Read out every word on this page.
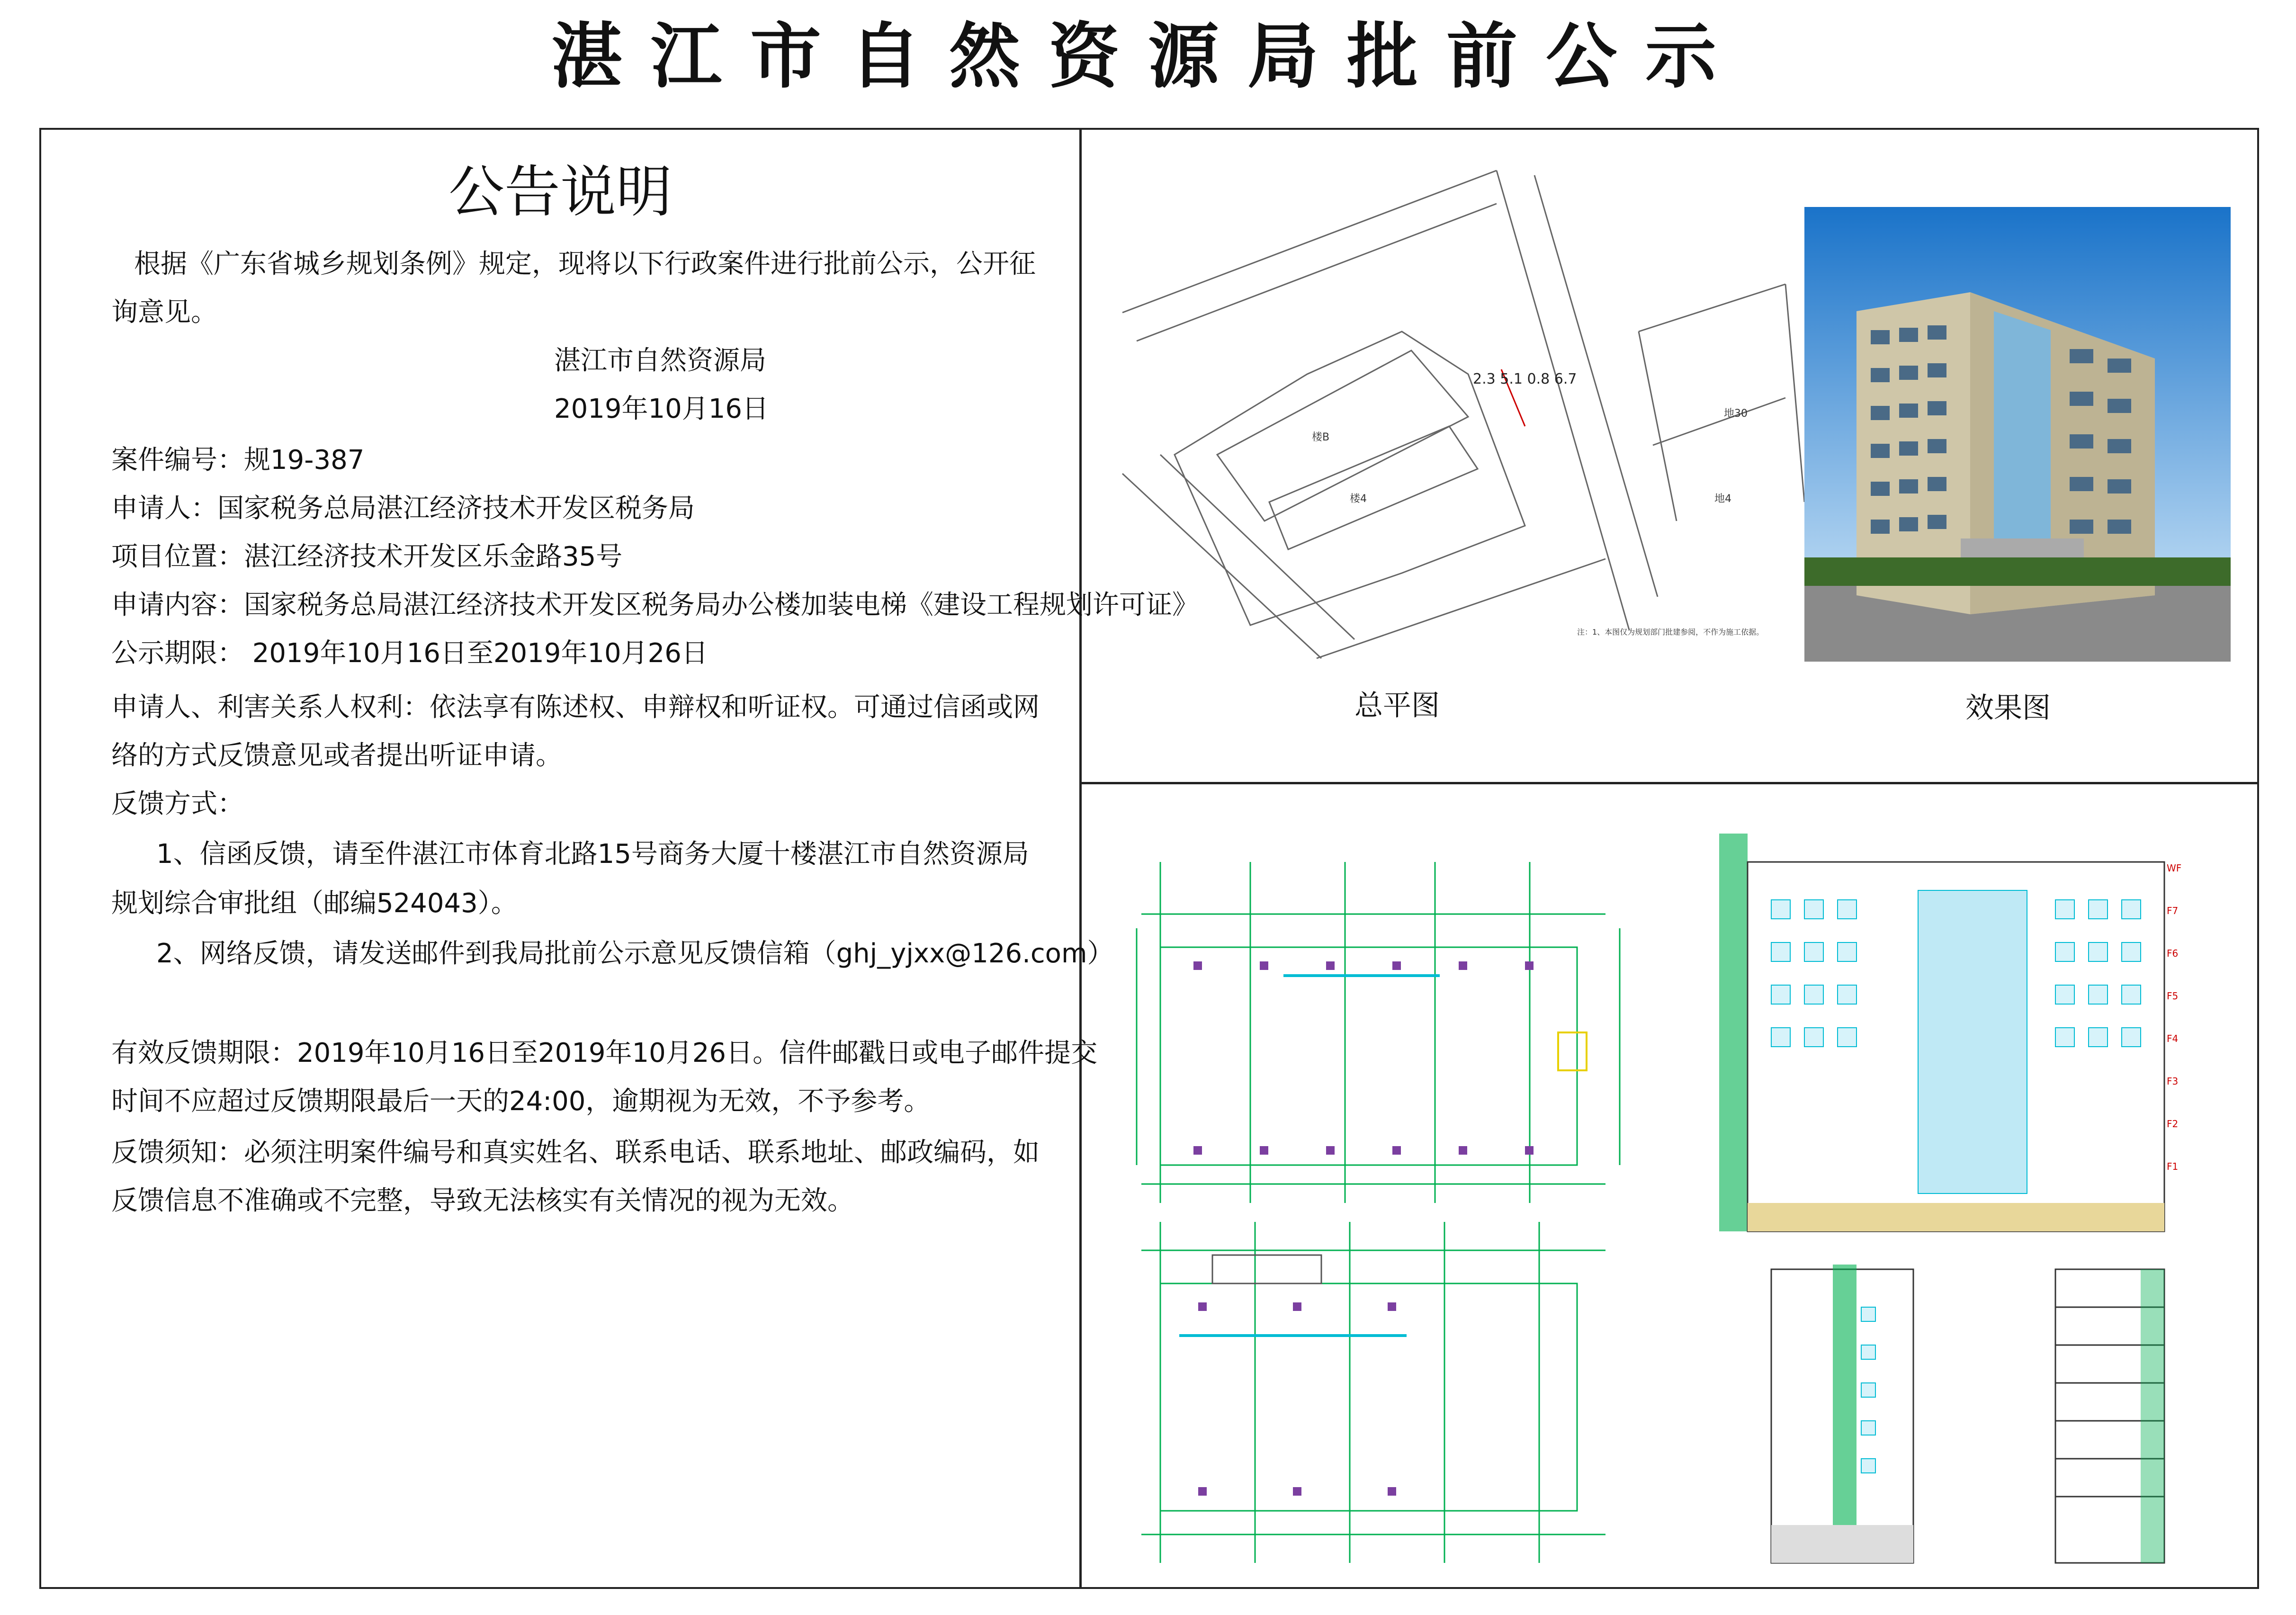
湛江市自然资源局批前公示
公告说明
根据《广东省城乡规划条例》规定，现将以下行政案件进行批前公示，公开征
询意见。
湛江市自然资源局
2019年10月16日
案件编号：规19-387
申请人：国家税务总局湛江经济技术开发区税务局
项目位置：湛江经济技术开发区乐金路35号
申请内容：国家税务总局湛江经济技术开发区税务局办公楼加装电梯《建设工程规划许可证》
公示期限： 2019年10月16日至2019年10月26日
申请人、利害关系人权利：依法享有陈述权、申辩权和听证权。可通过信函或网
络的方式反馈意见或者提出听证申请。
反馈方式：
1、信函反馈，请至件湛江市体育北路15号商务大厦十楼湛江市自然资源局
规划综合审批组（邮编524043）。
2、网络反馈，请发送邮件到我局批前公示意见反馈信箱（ghj_yjxx@126.com）
有效反馈期限：2019年10月16日至2019年10月26日。信件邮戳日或电子邮件提交
时间不应超过反馈期限最后一天的24:00，逾期视为无效，不予参考。
反馈须知：必须注明案件编号和真实姓名、联系电话、联系地址、邮政编码，如
反馈信息不准确或不完整，导致无法核实有关情况的视为无效。
楼B
楼4
地30
地4
2.3 5.1 0.8 6.7
注：1、本图仅为规划部门批建参阅，不作为施工依据。
总平图	效果图
WF
F7
F6
F5
F4
F3
F2
F1
